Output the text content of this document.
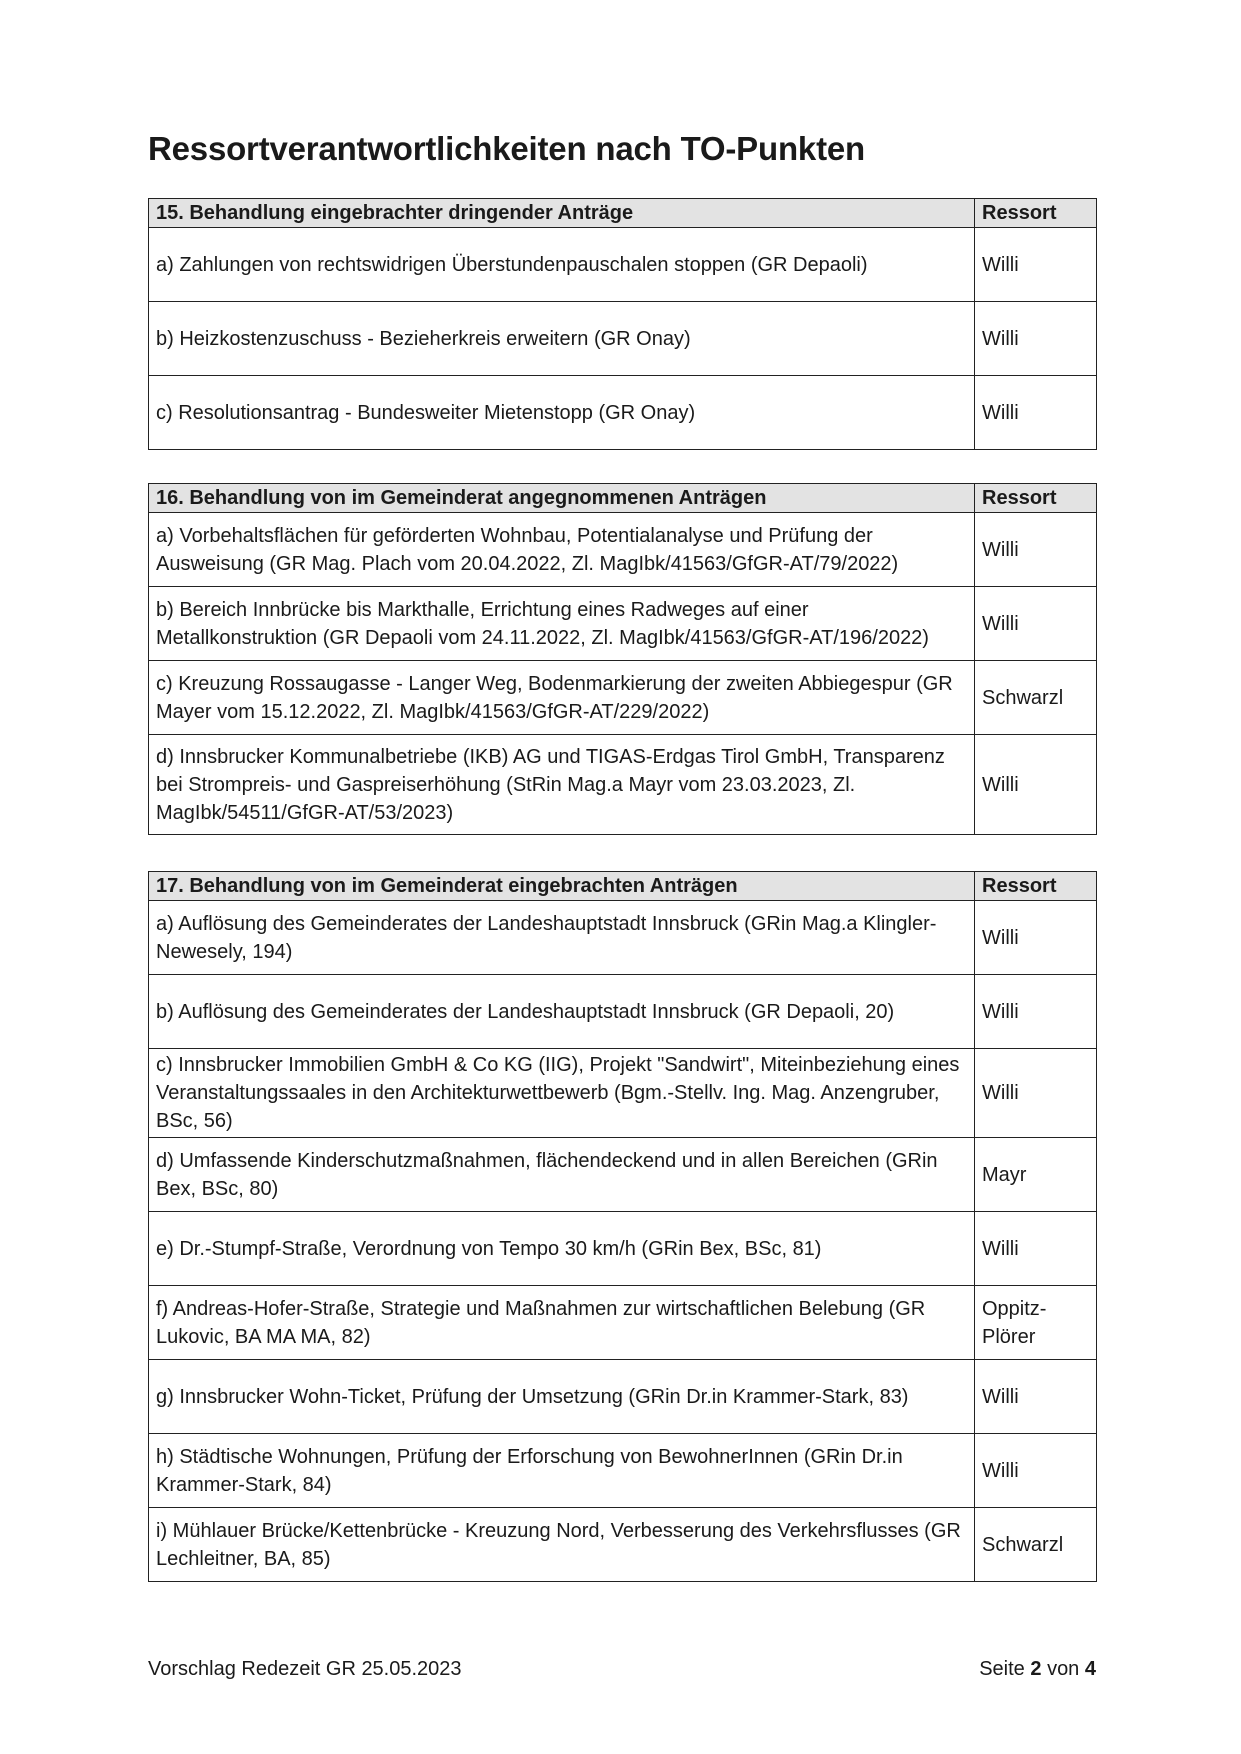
Ressortverantwortlichkeiten nach TO-Punkten
15. Behandlung eingebrachter dringender Anträge	Ressort
a) Zahlungen von rechtswidrigen Überstundenpauschalen stoppen (GR Depaoli)	Willi
b) Heizkostenzuschuss - Bezieherkreis erweitern (GR Onay)	Willi
c) Resolutionsantrag - Bundesweiter Mietenstopp (GR Onay)	Willi
16. Behandlung von im Gemeinderat angegnommenen Anträgen	Ressort
a) Vorbehaltsflächen für geförderten Wohnbau, Potentialanalyse und Prüfung der Ausweisung (GR Mag. Plach vom 20.04.2022, Zl. MagIbk/41563/GfGR-AT/79/2022)	Willi
b) Bereich Innbrücke bis Markthalle, Errichtung eines Radweges auf einer Metallkonstruktion (GR Depaoli vom 24.11.2022, Zl. MagIbk/41563/GfGR-AT/196/2022)	Willi
c) Kreuzung Rossaugasse - Langer Weg, Bodenmarkierung der zweiten Abbiegespur (GR Mayer vom 15.12.2022, Zl. MagIbk/41563/GfGR-AT/229/2022)	Schwarzl
d) Innsbrucker Kommunalbetriebe (IKB) AG und TIGAS-Erdgas Tirol GmbH, Transparenz bei Strompreis- und Gaspreiserhöhung (StRin Mag.a Mayr vom 23.03.2023, Zl. MagIbk/54511/GfGR-AT/53/2023)	Willi
17. Behandlung von im Gemeinderat eingebrachten Anträgen	Ressort
a) Auflösung des Gemeinderates der Landeshauptstadt Innsbruck (GRin Mag.a Klingler-Newesely, 194)	Willi
b) Auflösung des Gemeinderates der Landeshauptstadt Innsbruck (GR Depaoli, 20)	Willi
c) Innsbrucker Immobilien GmbH & Co KG (IIG), Projekt "Sandwirt", Miteinbeziehung eines Veranstaltungssaales in den Architekturwettbewerb (Bgm.-Stellv. Ing. Mag. Anzengruber, BSc, 56)	Willi
d) Umfassende Kinderschutzmaßnahmen, flächendeckend und in allen Bereichen (GRin Bex, BSc, 80)	Mayr
e) Dr.-Stumpf-Straße, Verordnung von Tempo 30 km/h (GRin Bex, BSc, 81)	Willi
f) Andreas-Hofer-Straße, Strategie und Maßnahmen zur wirtschaftlichen Belebung (GR Lukovic, BA MA MA, 82)	Oppitz-Plörer
g) Innsbrucker Wohn-Ticket, Prüfung der Umsetzung (GRin Dr.in Krammer-Stark, 83)	Willi
h) Städtische Wohnungen, Prüfung der Erforschung von BewohnerInnen (GRin Dr.in Krammer-Stark, 84)	Willi
i) Mühlauer Brücke/Kettenbrücke - Kreuzung Nord, Verbesserung des Verkehrsflusses (GR Lechleitner, BA, 85)	Schwarzl
Vorschlag Redezeit GR 25.05.2023	Seite 2 von 4
